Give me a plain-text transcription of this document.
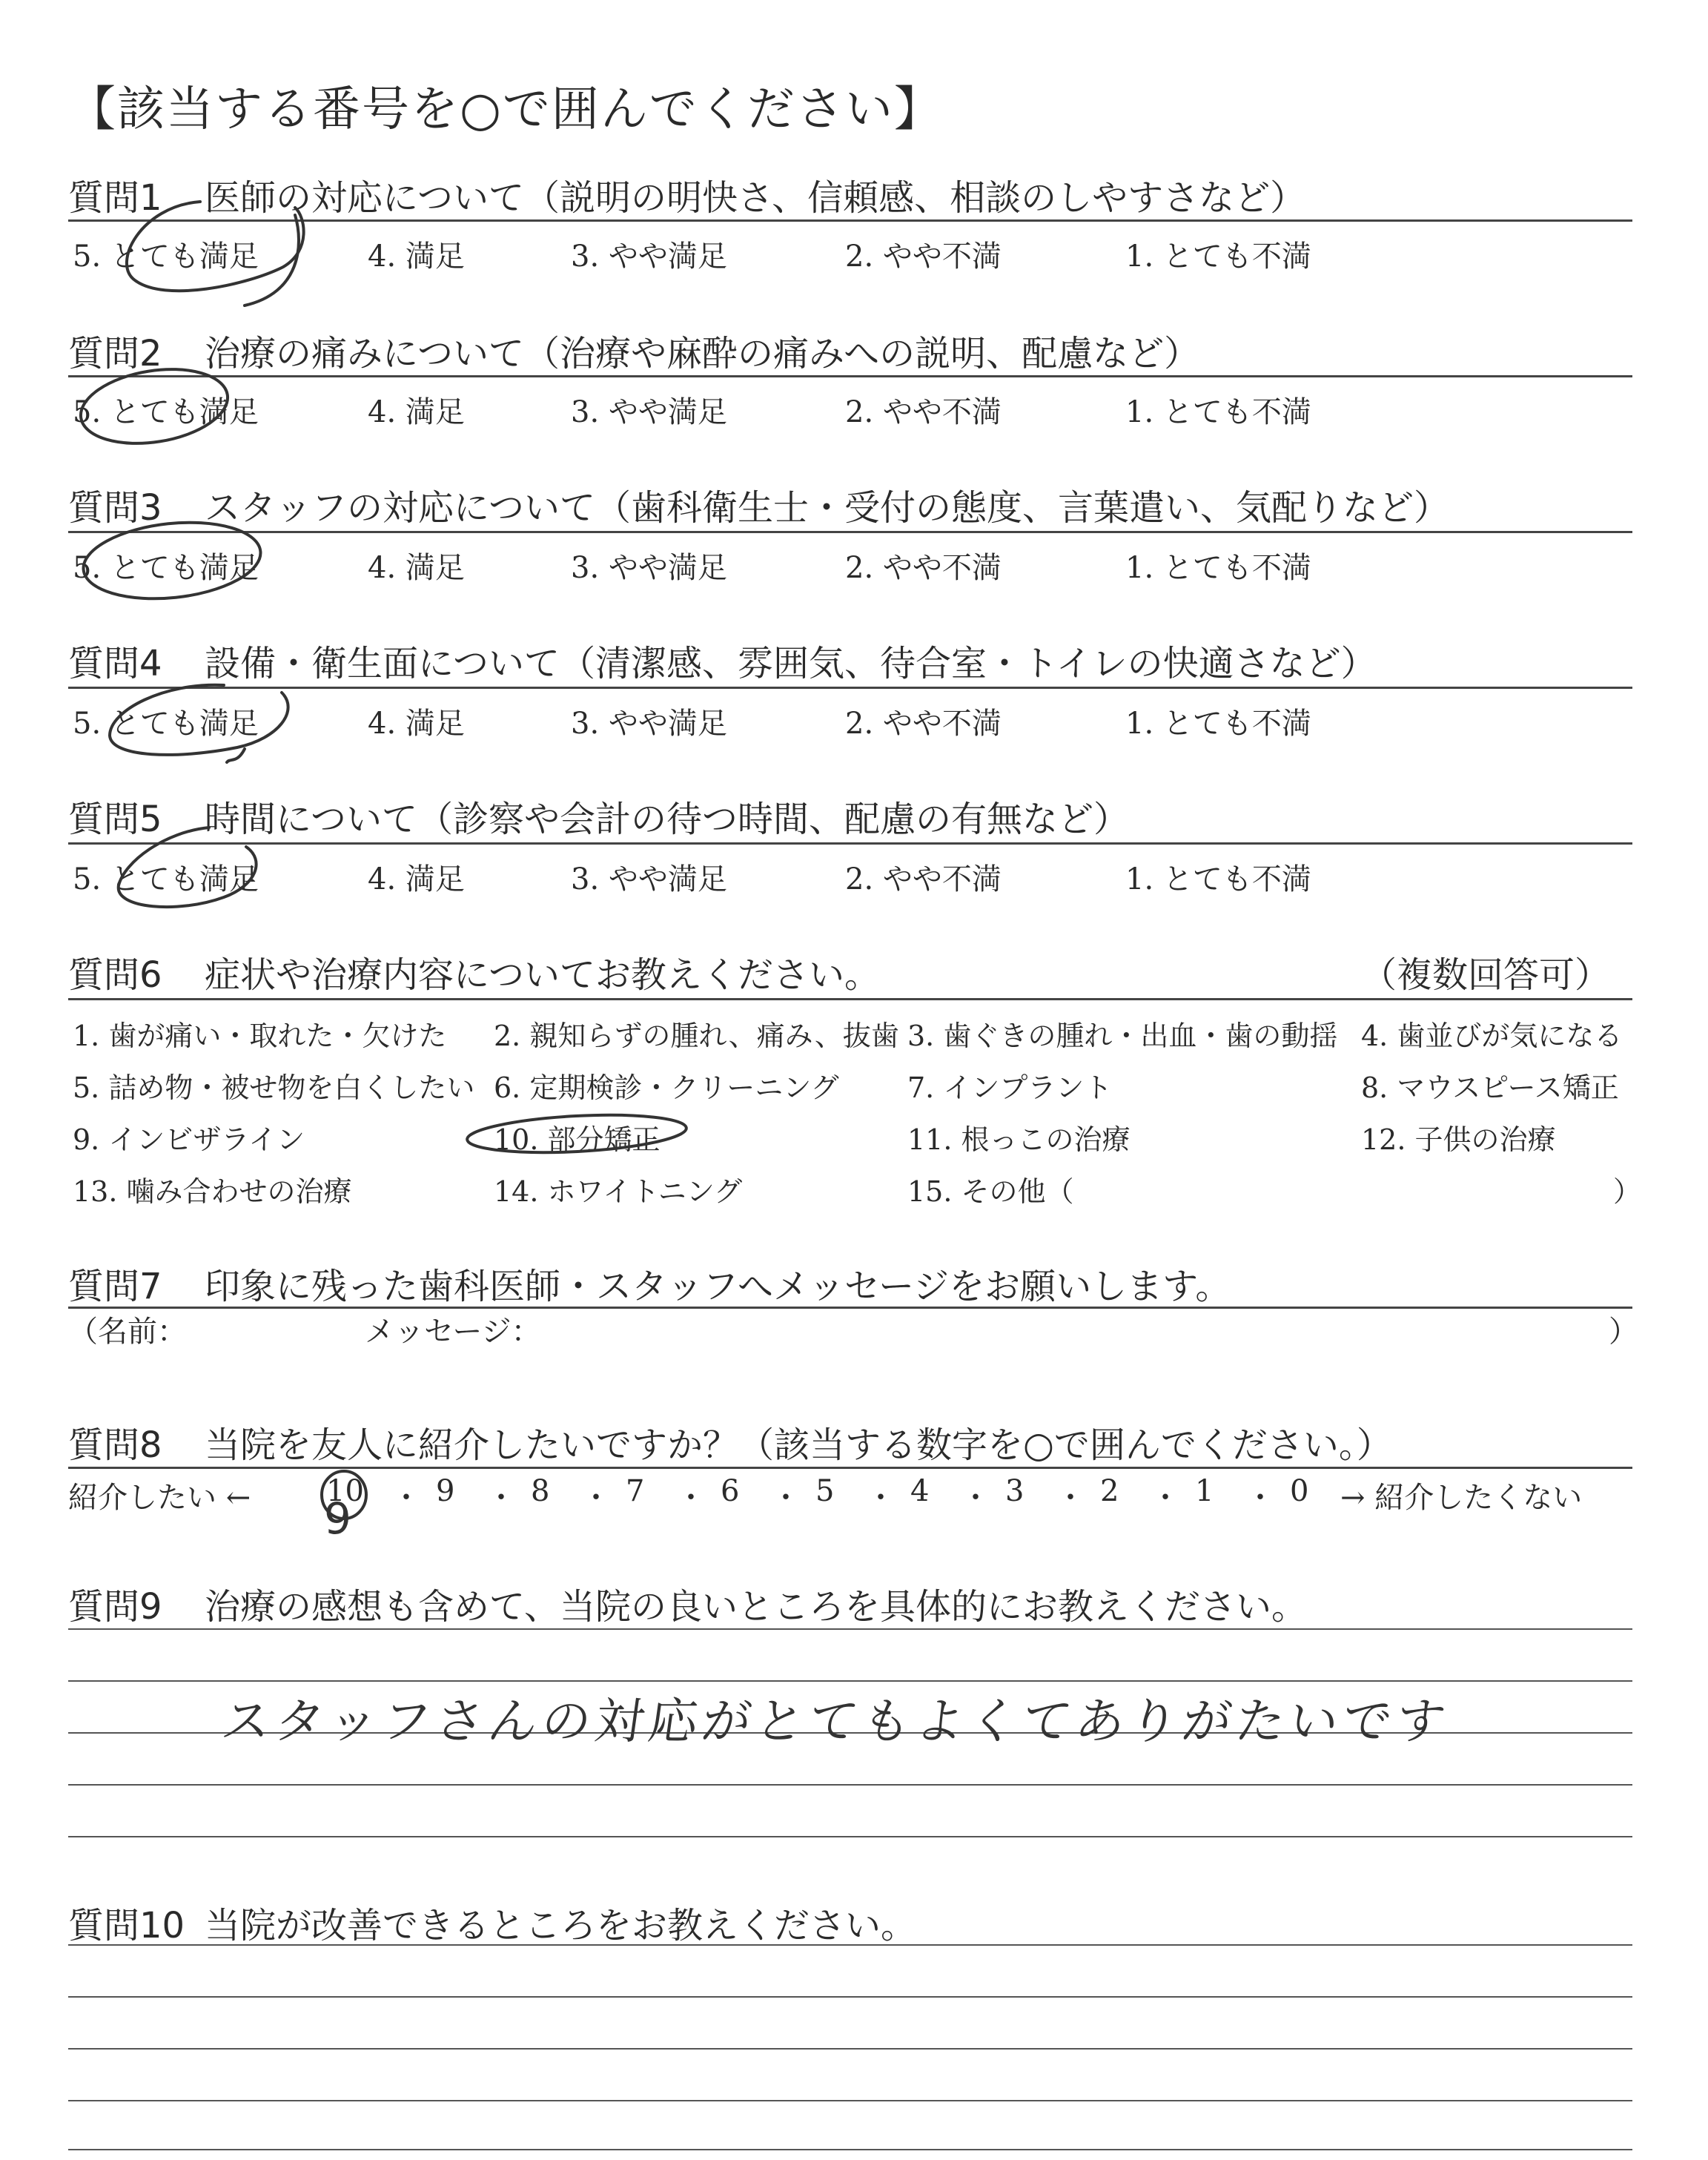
【該当する番号を○で囲んでください】
質問1 医師の対応について（説明の明快さ、信頼感、相談のしやすさなど）
5. とても満足	4. 満足	3. やや満足	2. やや不満	1. とても不満
質問2 治療の痛みについて（治療や麻酔の痛みへの説明、配慮など）
5. とても満足	4. 満足	3. やや満足	2. やや不満	1. とても不満
質問3 スタッフの対応について（歯科衛生士・受付の態度、言葉遣い、気配りなど）
5. とても満足	4. 満足	3. やや満足	2. やや不満	1. とても不満
質問4 設備・衛生面について（清潔感、雰囲気、待合室・トイレの快適さなど）
5. とても満足	4. 満足	3. やや満足	2. やや不満	1. とても不満
質問5 時間について（診察や会計の待つ時間、配慮の有無など）
5. とても満足	4. 満足	3. やや満足	2. やや不満	1. とても不満
質問6 症状や治療内容についてお教えください。	（複数回答可）
1. 歯が痛い・取れた・欠けた 2. 親知らずの腫れ、痛み、抜歯 3. 歯ぐきの腫れ・出血・歯の動揺 4. 歯並びが気になる
5. 詰め物・被せ物を白くしたい 6. 定期検診・クリーニング 7. インプラント	8. マウスピース矯正
9. インビザライン	10. 部分矯正	11. 根っこの治療	12. 子供の治療
13. 噛み合わせの治療	14. ホワイトニング	15. その他（	）
質問7 印象に残った歯科医師・スタッフへメッセージをお願いします。
（名前：	メッセージ：	）
質問8 当院を友人に紹介したいですか？（該当する数字を○で囲んでください。）
紹介したい ←	10 ・ 9 ・ 8 ・ 7 ・ 6 ・ 5 ・ 4 ・ 3 ・ 2 ・ 1 ・ 0 → 紹介したくない
9
質問9 治療の感想も含めて、当院の良いところを具体的にお教えください。
スタッフさんの対応がとてもよくてありがたいです
質問10 当院が改善できるところをお教えください。
